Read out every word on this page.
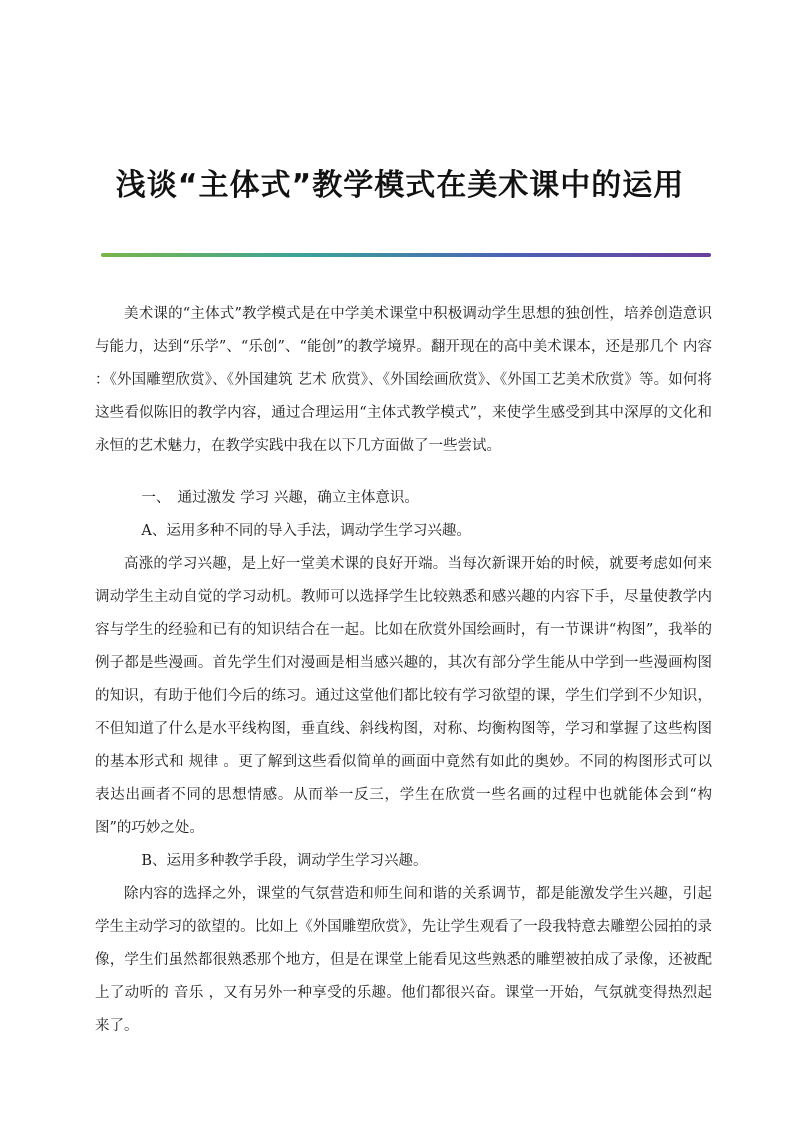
浅谈“主体式”教学模式在美术课中的运用

美术课的“主体式”教学模式是在中学美术课堂中积极调动学生思想的独创性，培养创造意识与能力，达到“乐学”、“乐创”、“能创”的教学境界。翻开现在的高中美术课本，还是那几个 内容 ：《外国雕塑欣赏》、《外国建筑 艺术 欣赏》、《外国绘画欣赏》、《外国工艺美术欣赏》等。如何将这些看似陈旧的教学内容，通过合理运用“主体式教学模式”，来使学生感受到其中深厚的文化和永恒的艺术魅力，在教学实践中我在以下几方面做了一些尝试。

一、　通过激发 学习 兴趣，确立主体意识。

A、运用多种不同的导入手法，调动学生学习兴趣。

高涨的学习兴趣，是上好一堂美术课的良好开端。当每次新课开始的时候，就要考虑如何来调动学生主动自觉的学习动机。教师可以选择学生比较熟悉和感兴趣的内容下手，尽量使教学内容与学生的经验和已有的知识结合在一起。比如在欣赏外国绘画时，有一节课讲“构图”，我举的例子都是些漫画。首先学生们对漫画是相当感兴趣的，其次有部分学生能从中学到一些漫画构图的知识，有助于他们今后的练习。通过这堂他们都比较有学习欲望的课，学生们学到不少知识，不但知道了什么是水平线构图，垂直线、斜线构图，对称、均衡构图等，学习和掌握了这些构图的基本形式和 规律 。更了解到这些看似简单的画面中竟然有如此的奥妙。不同的构图形式可以表达出画者不同的思想情感。从而举一反三，学生在欣赏一些名画的过程中也就能体会到“构图”的巧妙之处。

B、运用多种教学手段，调动学生学习兴趣。

除内容的选择之外，课堂的气氛营造和师生间和谐的关系调节，都是能激发学生兴趣，引起学生主动学习的欲望的。比如上《外国雕塑欣赏》，先让学生观看了一段我特意去雕塑公园拍的录像，学生们虽然都很熟悉那个地方，但是在课堂上能看见这些熟悉的雕塑被拍成了录像，还被配上了动听的 音乐 ，又有另外一种享受的乐趣。他们都很兴奋。课堂一开始，气氛就变得热烈起来了。
